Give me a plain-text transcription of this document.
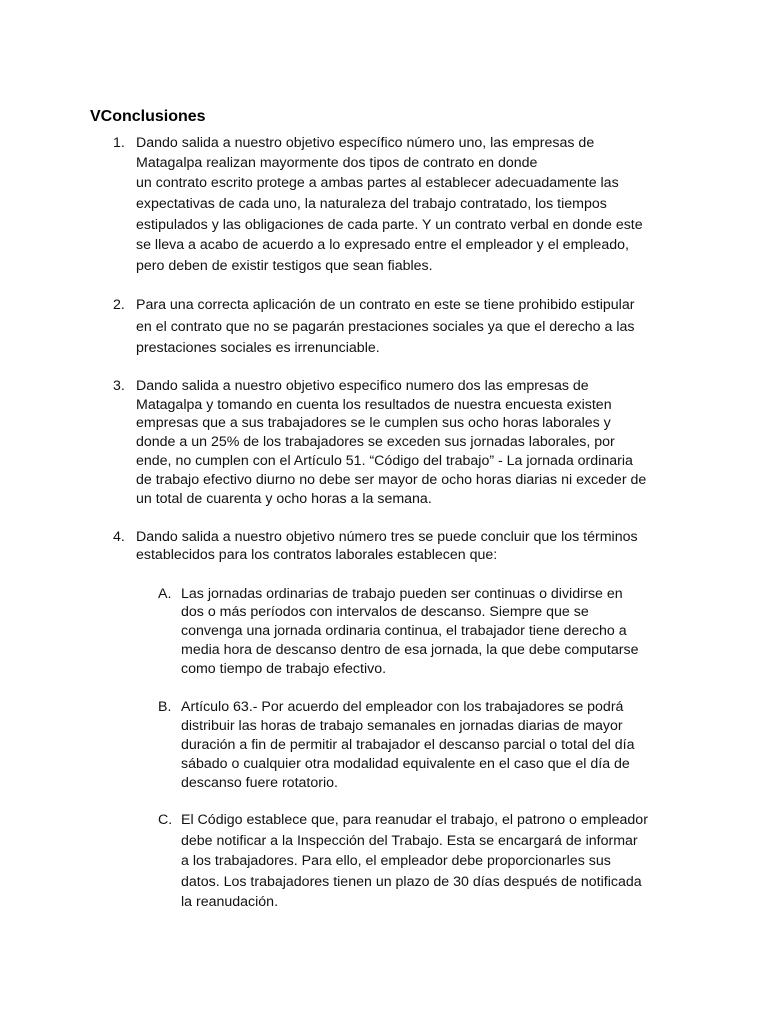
VConclusiones
1. Dando salida a nuestro objetivo específico número uno, las empresas de
Matagalpa realizan mayormente dos tipos de contrato en donde
un contrato escrito protege a ambas partes al establecer adecuadamente las
expectativas de cada uno, la naturaleza del trabajo contratado, los tiempos
estipulados y las obligaciones de cada parte. Y un contrato verbal en donde este
se lleva a acabo de acuerdo a lo expresado entre el empleador y el empleado,
pero deben de existir testigos que sean fiables.
2. Para una correcta aplicación de un contrato en este se tiene prohibido estipular
en el contrato que no se pagarán prestaciones sociales ya que el derecho a las
prestaciones sociales es irrenunciable.
3. Dando salida a nuestro objetivo especifico numero dos las empresas de
Matagalpa y tomando en cuenta los resultados de nuestra encuesta existen
empresas que a sus trabajadores se le cumplen sus ocho horas laborales y
donde a un 25% de los trabajadores se exceden sus jornadas laborales, por
ende, no cumplen con el Artículo 51. “Código del trabajo” - La jornada ordinaria
de trabajo efectivo diurno no debe ser mayor de ocho horas diarias ni exceder de
un total de cuarenta y ocho horas a la semana.
4. Dando salida a nuestro objetivo número tres se puede concluir que los términos
establecidos para los contratos laborales establecen que:
A. Las jornadas ordinarias de trabajo pueden ser continuas o dividirse en
dos o más períodos con intervalos de descanso. Siempre que se
convenga una jornada ordinaria continua, el trabajador tiene derecho a
media hora de descanso dentro de esa jornada, la que debe computarse
como tiempo de trabajo efectivo.
B. Artículo 63.- Por acuerdo del empleador con los trabajadores se podrá
distribuir las horas de trabajo semanales en jornadas diarias de mayor
duración a fin de permitir al trabajador el descanso parcial o total del día
sábado o cualquier otra modalidad equivalente en el caso que el día de
descanso fuere rotatorio.
C. El Código establece que, para reanudar el trabajo, el patrono o empleador
debe notificar a la Inspección del Trabajo. Esta se encargará de informar
a los trabajadores. Para ello, el empleador debe proporcionarles sus
datos. Los trabajadores tienen un plazo de 30 días después de notificada
la reanudación.
